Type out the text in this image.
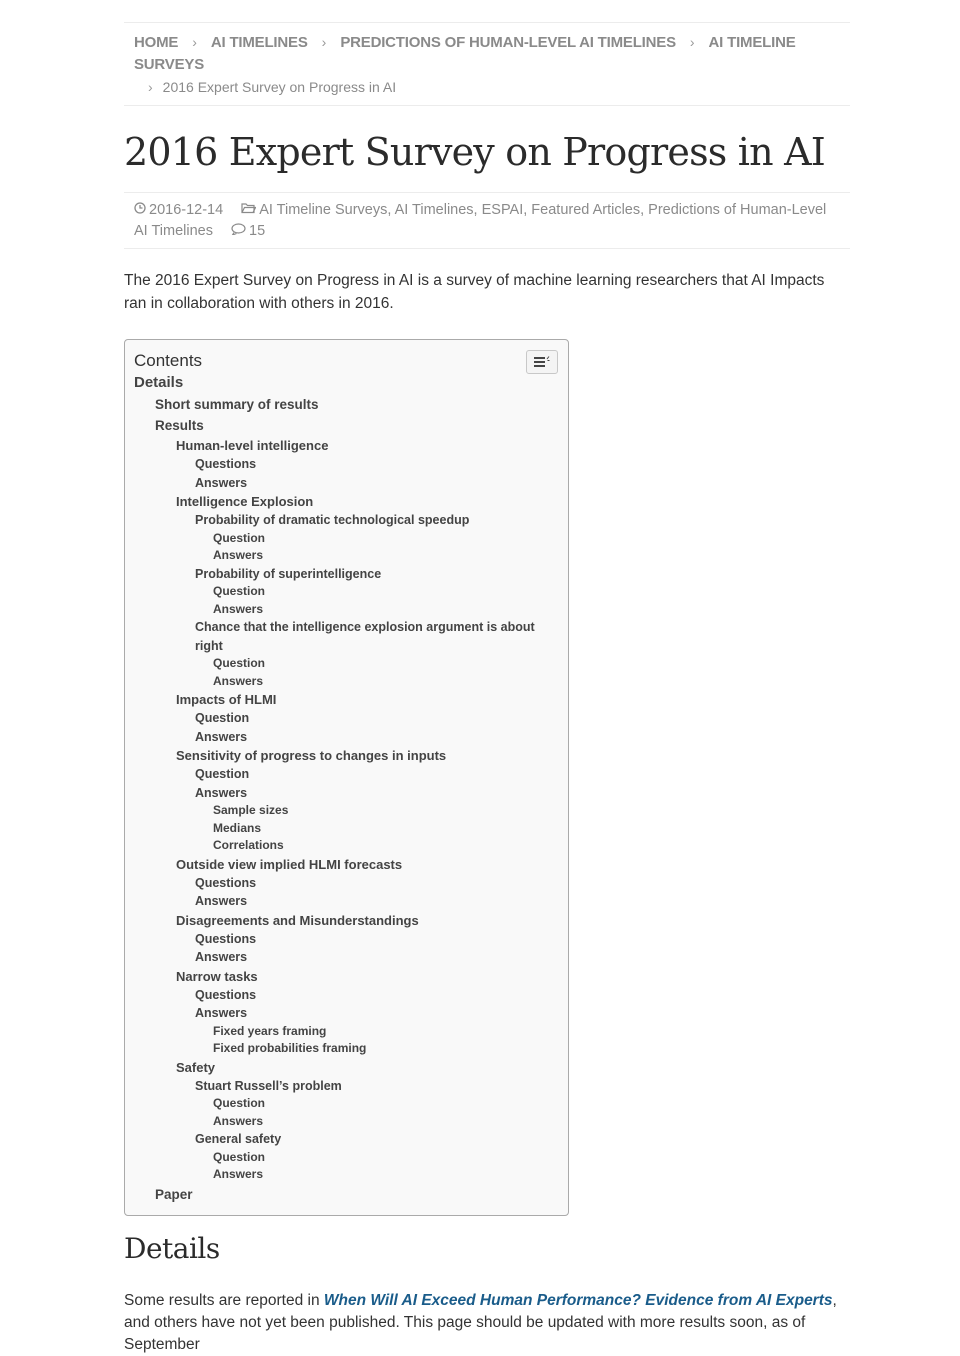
HOME › AI TIMELINES › PREDICTIONS OF HUMAN-LEVEL AI TIMELINES › AI TIMELINE SURVEYS
› 2016 Expert Survey on Progress in AI
2016 Expert Survey on Progress in AI
2016-12-14 AI Timeline Surveys, AI Timelines, ESPAI, Featured Articles, Predictions of Human-Level AI Timelines 15

The 2016 Expert Survey on Progress in AI is a survey of machine learning researchers that AI Impacts ran in collaboration with others in 2016.

Contents
Details
Short summary of results
Results
Human-level intelligence
Questions
Answers
Intelligence Explosion
Probability of dramatic technological speedup
Question
Answers
Probability of superintelligence
Question
Answers
Chance that the intelligence explosion argument is about right
Question
Answers
Impacts of HLMI
Question
Answers
Sensitivity of progress to changes in inputs
Question
Answers
Sample sizes
Medians
Correlations
Outside view implied HLMI forecasts
Questions
Answers
Disagreements and Misunderstandings
Questions
Answers
Narrow tasks
Questions
Answers
Fixed years framing
Fixed probabilities framing
Safety
Stuart Russell’s problem
Question
Answers
General safety
Question
Answers
Paper
Details

Some results are reported in When Will AI Exceed Human Performance? Evidence from AI Experts, and others have not yet been published. This page should be updated with more results soon, as of September
